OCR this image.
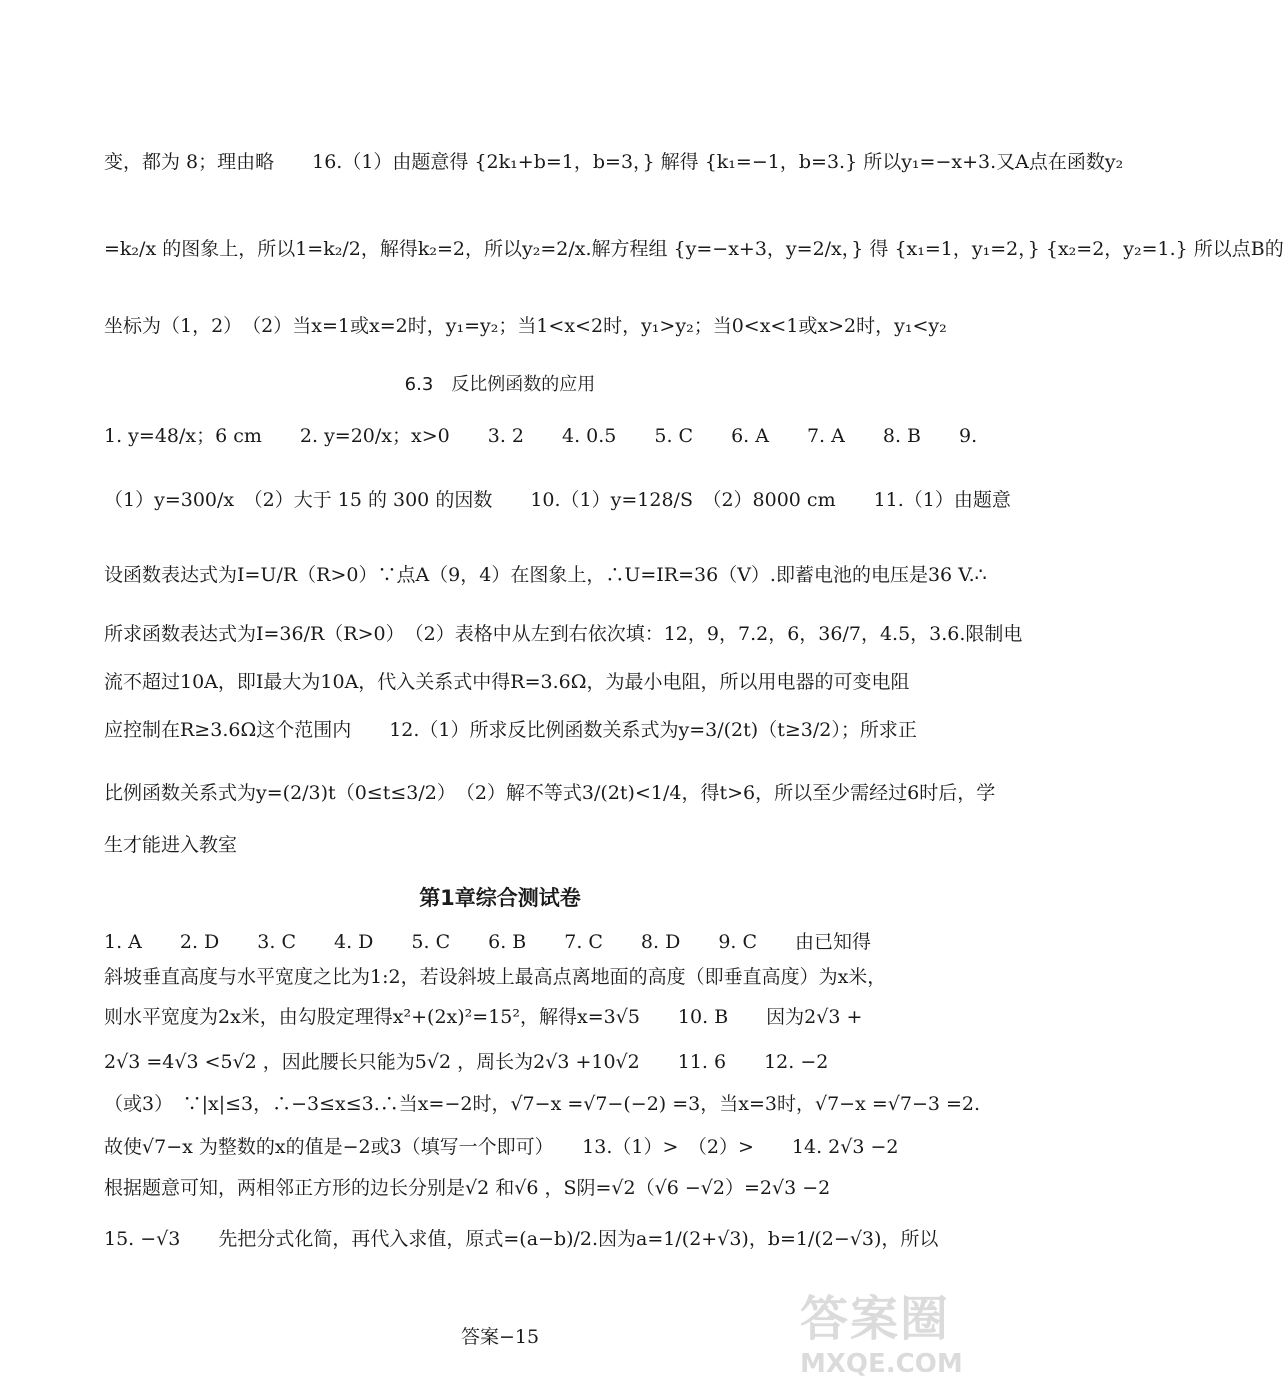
变，都为 8；理由略　　16.（1）由题意得 {2k₁+b=1，b=3，} 解得 {k₁=−1，b=3.} 所以y₁=−x+3.又A点在函数y₂
=k₂/x 的图象上，所以1=k₂/2，解得k₂=2，所以y₂=2/x.解方程组 {y=−x+3，y=2/x，} 得 {x₁=1，y₁=2，} {x₂=2，y₂=1.} 所以点B的
坐标为（1，2）　（2）当x=1或x=2时，y₁=y₂；当1<x<2时，y₁>y₂；当0<x<1或x>2时，y₁<y₂
6.3　反比例函数的应用
1. y=48/x；6 cm　　2. y=20/x；x>0　　3. 2　　4. 0.5　　5. C　　6. A　　7. A　　8. B　　9.
（1）y=300/x　（2）大于 15 的 300 的因数　　10.（1）y=128/S　（2）8000 cm　　11.（1）由题意
设函数表达式为I=U/R（R>0）∵点A（9，4）在图象上，∴U=IR=36（V）.即蓄电池的电压是36 V.∴
所求函数表达式为I=36/R（R>0）　（2）表格中从左到右依次填：12，9，7.2，6，36/7，4.5，3.6.限制电
流不超过10A，即I最大为10A，代入关系式中得R=3.6Ω，为最小电阻，所以用电器的可变电阻
应控制在R≥3.6Ω这个范围内　　12.（1）所求反比例函数关系式为y=3/(2t)（t≥3/2）；所求正
比例函数关系式为y=(2/3)t（0≤t≤3/2）　（2）解不等式3/(2t)<1/4，得t>6，所以至少需经过6时后，学
生才能进入教室
第1章综合测试卷
1. A　　2. D　　3. C　　4. D　　5. C　　6. B　　7. C　　8. D　　9. C　　由已知得
斜坡垂直高度与水平宽度之比为1:2，若设斜坡上最高点离地面的高度（即垂直高度）为x米，
则水平宽度为2x米，由勾股定理得x²+(2x)²=15²，解得x=3√5　　10. B　　因为2√3 +
2√3 =4√3 <5√2 ，因此腰长只能为5√2 ，周长为2√3 +10√2　　11. 6　　12. −2
（或3）　∵|x|≤3，∴−3≤x≤3.∴当x=−2时，√7−x =√7−(−2) =3，当x=3时，√7−x =√7−3 =2.
故使√7−x 为整数的x的值是−2或3（填写一个即可）　　13.（1）>　（2）>　　14. 2√3 −2
根据题意可知，两相邻正方形的边长分别是√2 和√6 ，S阴=√2（√6 −√2）=2√3 −2
15. −√3　　先把分式化简，再代入求值，原式=(a−b)/2.因为a=1/(2+√3)，b=1/(2−√3)，所以
答案−15	答案圈
MXQE.COM
